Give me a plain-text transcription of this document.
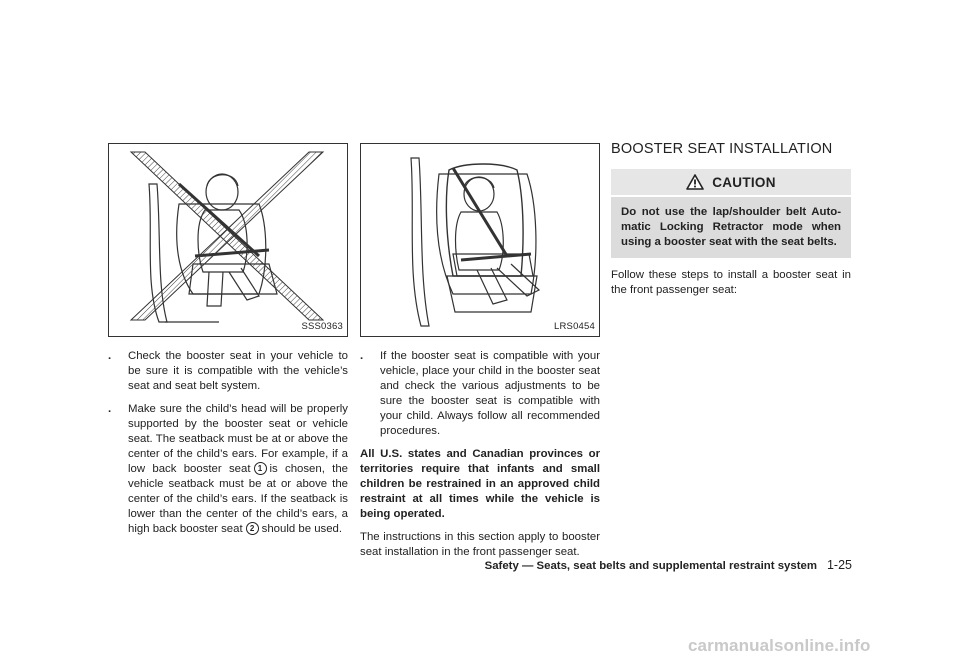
SSS0363
. Check the booster seat in your vehicle to be sure it is compatible with the vehicle’s seat and seat belt system.
. Make sure the child’s head will be properly supported by the booster seat or vehicle seat. The seatback must be at or above the center of the child’s ears. For example, if a low back booster seat 1 is chosen, the vehicle seatback must be at or above the center of the child’s ears. If the seatback is lower than the center of the child’s ears, a high back booster seat 2 should be used.
LRS0454
. If the booster seat is compatible with your vehicle, place your child in the booster seat and check the various adjustments to be sure the booster seat is compatible with your child. Always follow all recommended procedures.

All U.S. states and Canadian provinces or territories require that infants and small children be restrained in an approved child restraint at all times while the vehicle is being operated.

The instructions in this section apply to booster seat installation in the front passenger seat.

BOOSTER SEAT INSTALLATION
CAUTION
Do not use the lap/shoulder belt Auto-matic Locking Retractor mode when using a booster seat with the seat belts.

Follow these steps to install a booster seat in the front passenger seat:

Safety — Seats, seat belts and supplemental restraint system 1-25
carmanualsonline.info
